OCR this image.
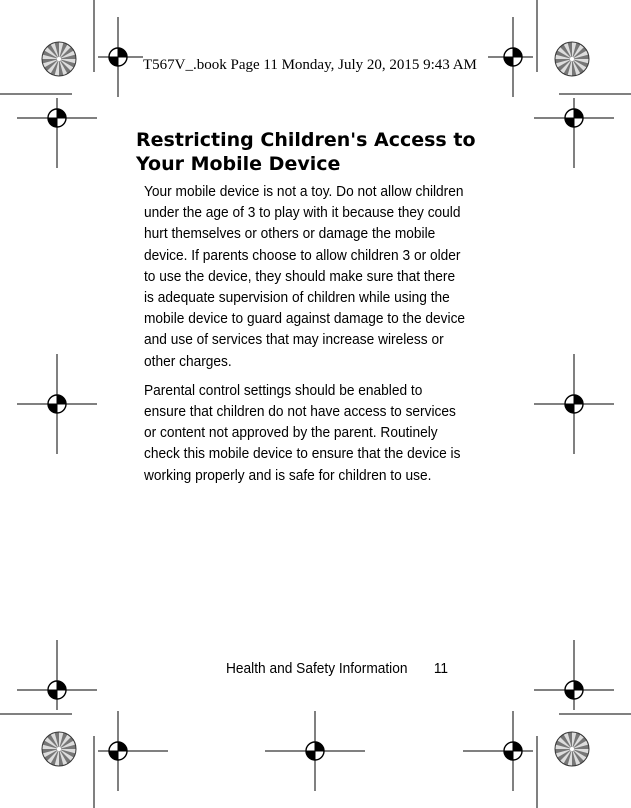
T567V_.book Page 11 Monday, July 20, 2015 9:43 AM
Restricting Children's Access to
Your Mobile Device

Your mobile device is not a toy. Do not allow children under the age of 3 to play with it because they could hurt themselves or others or damage the mobile device. If parents choose to allow children 3 or older to use the device, they should make sure that there is adequate supervision of children while using the mobile device to guard against damage to the device and use of services that may increase wireless or other charges.

Parental control settings should be enabled to ensure that children do not have access to services or content not approved by the parent. Routinely check this mobile device to ensure that the device is working properly and is safe for children to use.

Health and Safety Information 11
